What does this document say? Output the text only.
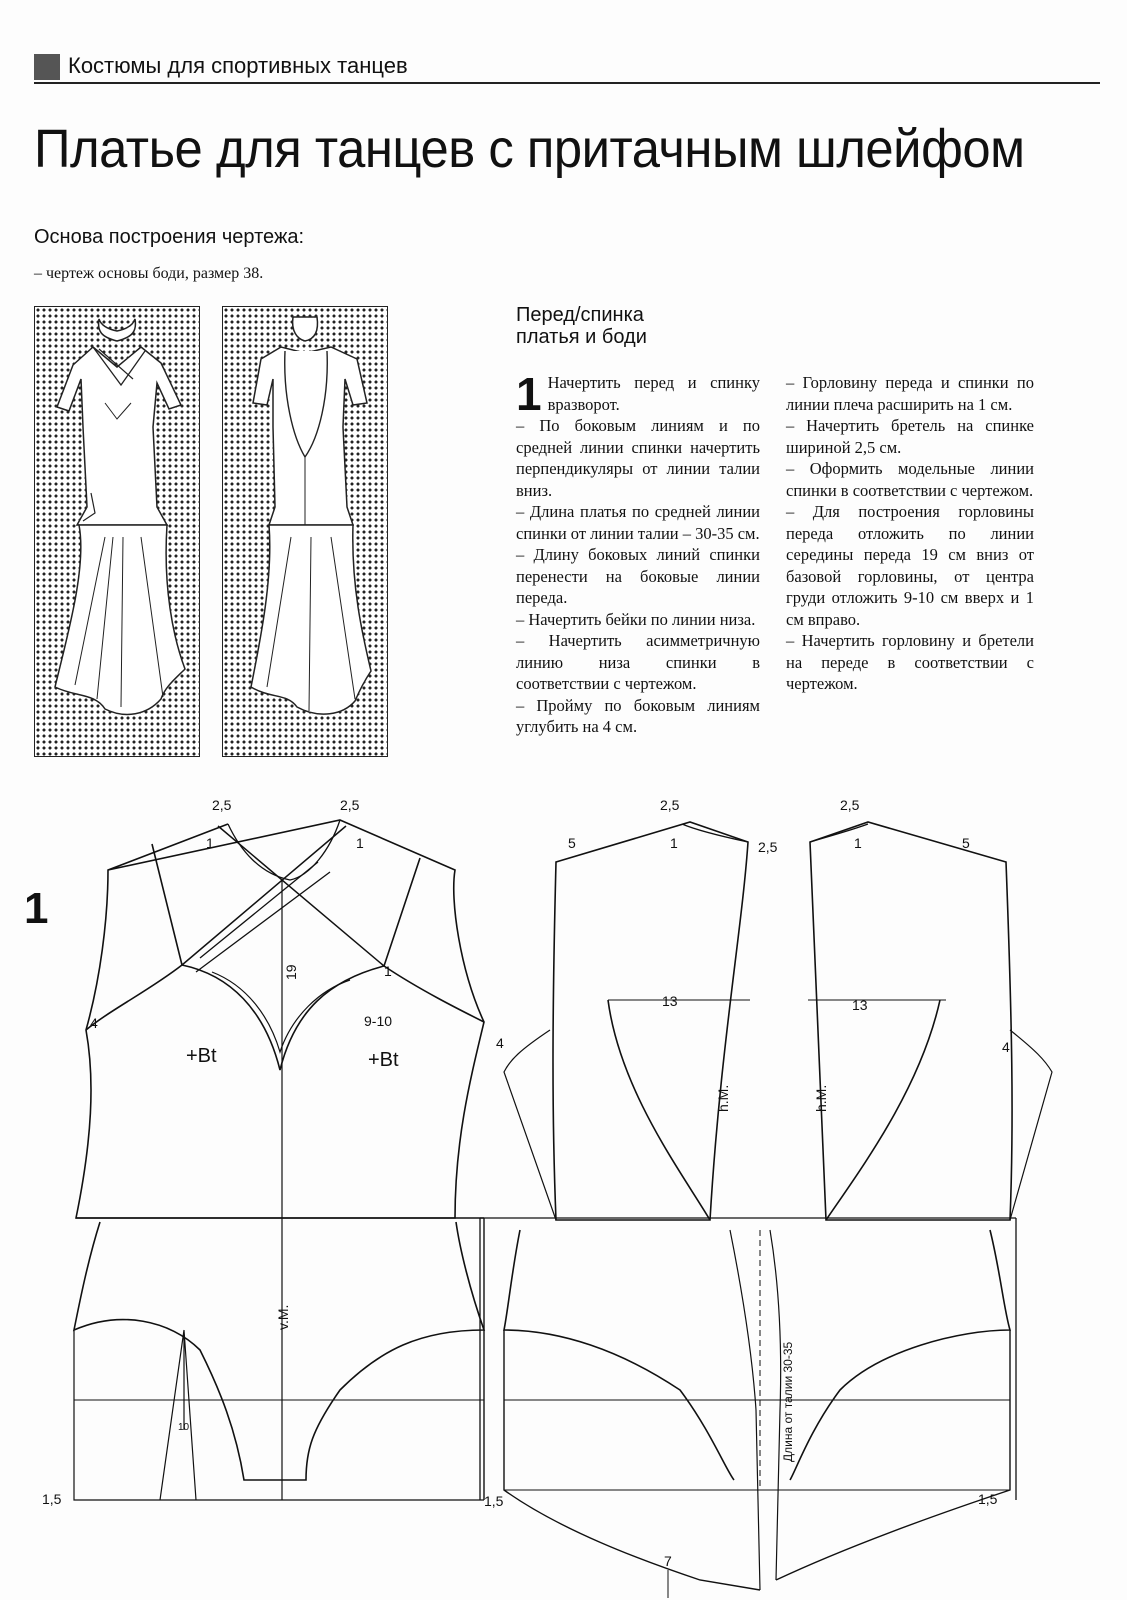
Костюмы для спортивных танцев
Платье для танцев с притачным шлейфом
Основа построения чертежа:
– чертеж основы боди, размер 38.
Перед/спинка
платья и боди
1 Начертить перед и спинку вразворот.

– По боковым линиям и по средней линии спинки начертить перпендикуляры от линии талии вниз.

– Длина платья по средней линии спинки от линии талии – 30-35 см.

– Длину боковых линий спинки перенести на боковые линии переда.

– Начертить бейки по линии низа.

– Начертить асимметричную линию низа спинки в соответствии с чертежом.

– Пройму по боковым линиям углубить на 4 см.

– Горловину переда и спинки по линии плеча расширить на 1 см.

– Начертить бретель на спинке шириной 2,5 см.

– Оформить модельные линии спинки в соответствии с чертежом.

– Для построения горловины переда отложить по линии середины переда 19 см вниз от базовой горловины, от центра груди отложить 9-10 см вверх и 1 см вправо.

– Начертить горловину и бретели на переде в соответствии с чертежом.

1
2,5	2,5
1	1
4
4
19	1
9-10
+Bt	+Bt
v.M.
10
1,5	1,5
2,5	2,5
1	1
2,5
5	5
13	13
4
h.M.	h.M.
Длина от талии 30-35
1,5
7
